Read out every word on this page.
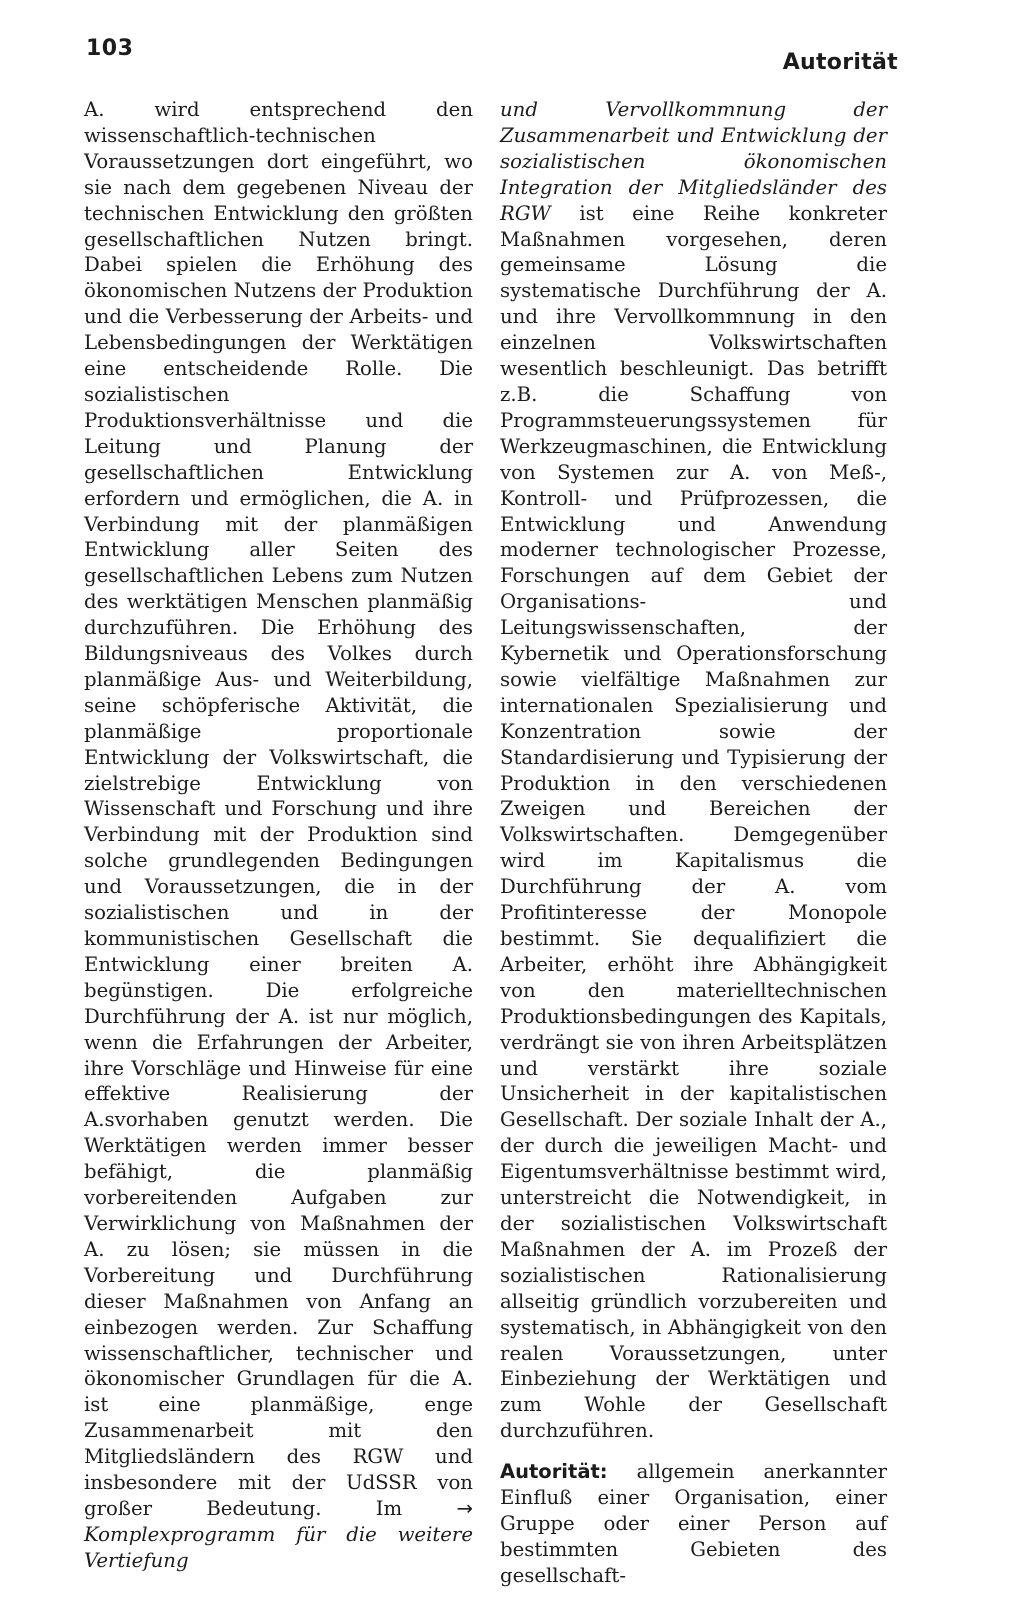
103
Autorität

A. wird entsprechend den wissenschaftlich-technischen Voraussetzungen dort eingeführt, wo sie nach dem gegebenen Niveau der technischen Entwicklung den größten gesellschaftlichen Nutzen bringt. Dabei spielen die Erhöhung des ökonomischen Nutzens der Produktion und die Verbesserung der Arbeits- und Lebensbedingungen der Werktätigen eine entscheidende Rolle. Die sozialistischen Produktionsverhältnisse und die Leitung und Planung der gesellschaftlichen Entwicklung erfordern und ermöglichen, die A. in Verbindung mit der planmäßigen Entwicklung aller Seiten des gesellschaftlichen Lebens zum Nutzen des werktätigen Menschen planmäßig durchzuführen. Die Erhöhung des Bildungsniveaus des Volkes durch planmäßige Aus- und Weiterbildung, seine schöpferische Aktivität, die planmäßige proportionale Entwicklung der Volkswirtschaft, die zielstrebige Entwicklung von Wissenschaft und Forschung und ihre Verbindung mit der Produktion sind solche grundlegenden Bedingungen und Voraussetzungen, die in der sozialistischen und in der kommunistischen Gesellschaft die Entwicklung einer breiten A. begünstigen. Die erfolgreiche Durchführung der A. ist nur möglich, wenn die Erfahrungen der Arbeiter, ihre Vorschläge und Hinweise für eine effektive Realisierung der A.svorhaben genutzt werden. Die Werktätigen werden immer besser befähigt, die planmäßig vorbereitenden Aufgaben zur Verwirklichung von Maßnahmen der A. zu lösen; sie müssen in die Vorbereitung und Durchführung dieser Maßnahmen von Anfang an einbezogen werden. Zur Schaffung wissenschaftlicher, technischer und ökonomischer Grundlagen für die A. ist eine planmäßige, enge Zusammenarbeit mit den Mitgliedsländern des RGW und insbesondere mit der UdSSR von großer Bedeutung. Im	→ Komplexprogramm für die weitere Vertiefung

und Vervollkommnung der Zusammenarbeit und Entwicklung der sozialistischen ökonomischen Integration der Mitgliedsländer des RGW ist eine Reihe konkreter Maßnahmen vorgesehen, deren gemeinsame Lösung die systematische Durchführung der A. und ihre Vervollkommnung in den einzelnen Volkswirtschaften wesentlich beschleunigt. Das betrifft z.B. die Schaffung von Programmsteuerungssystemen für Werkzeugmaschinen, die Entwicklung von Systemen zur A. von Meß-, Kontroll- und Prüfprozessen, die Entwicklung und Anwendung moderner technologischer Prozesse, Forschungen auf dem Gebiet der Organisations- und Leitungswissenschaften, der Kybernetik und Operationsforschung sowie vielfältige Maßnahmen zur internationalen Spezialisierung und Konzentration sowie der Standardisierung und Typisierung der Produktion in den verschiedenen Zweigen und Bereichen der Volkswirtschaften. Demgegenüber wird im Kapitalismus die Durchführung der A. vom Profitinteresse der Monopole bestimmt. Sie dequalifiziert die Arbeiter, erhöht ihre Abhängigkeit von den materielltechnischen Produktionsbedingungen des Kapitals, verdrängt sie von ihren Arbeitsplätzen und verstärkt ihre soziale Unsicherheit in der kapitalistischen Gesellschaft. Der soziale Inhalt der A., der durch die jeweiligen Macht- und Eigentumsverhältnisse bestimmt wird, unterstreicht die Notwendigkeit, in der sozialistischen Volkswirtschaft Maßnahmen der A. im Prozeß der sozialistischen Rationalisierung allseitig gründlich vorzubereiten und systematisch, in Abhängigkeit von den realen Voraussetzungen, unter Einbeziehung der Werktätigen und zum Wohle der Gesellschaft durchzuführen.

Autorität: allgemein anerkannter Einfluß einer Organisation, einer Gruppe oder einer Person auf bestimmten Gebieten des gesellschaft-
